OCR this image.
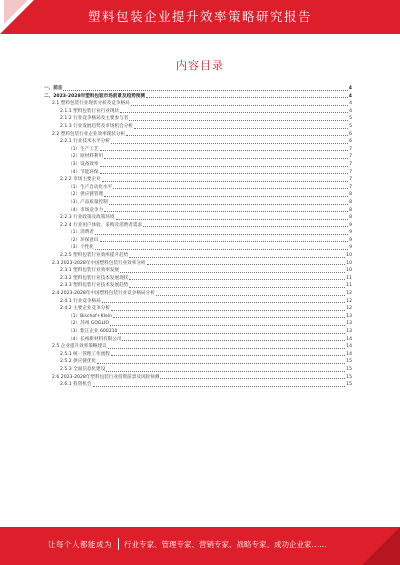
塑料包装企业提升效率策略研究报告
内容目录
一、前言	4
二、2023-2028年塑料包装市场前景及趋势预测	4
2.1 塑料包装行业现状分析及竞争格局	4
2.1.1 塑料包装行业行业现状	4
2.1.2 行业竞争格局及主要参与者	5
2.1.3 行业发展趋势及市场机会分析	5
2.2 塑料包装行业企业效率现状分析	6
2.2.1 行业技术水平分析	6
（1）生产工艺	7
（2）原材料利用	7
（3）设备效率	7
（4）节能环保	7
2.2.2 市场主要企业	7
（1）生产自动化水平	7
（2）供应链管理	8
（3）产品质量控制	8
（4）市场竞争力	8
2.2.3 行业政策及政策环境	8
2.2.4 行业用户体验、采购及消费者需求	9
（1）消费者	9
（2）环保意识	9
（3）个性化	9
2.2.5 塑料包装行业效率提升趋势	10
2.3 2023-2028年中国塑料包装行业效率分析	10
2.3.1 塑料包装行业效率发展	10
2.3.2 塑料包装行业技术发展现状	11
2.3.3 塑料包装行业技术发展趋势	11
2.4 2023-2028年中国塑料包装行业竞争格局分析	12
2.4.1 行业竞争格局	12
2.4.2 主要企业竞争分析	12
（1）Bischof+Klein	13
（2）苏州 GOGLIO	13
（3）紫江企业 600210	13
（4）长裕新材料有限公司	14
2.5 企业提升效率策略建议	14
2.5.1 统一管理工作流程	14
2.5.2 供应链优化	15
2.5.3 全面信息化建设	15
2.6 2023-2028年塑料包装行业投资前景及风险预测	15
2.6.1 投资机会	15
让每个人都能成为 行业专家、管理专家、营销专家、战略专家、成功企业家……
